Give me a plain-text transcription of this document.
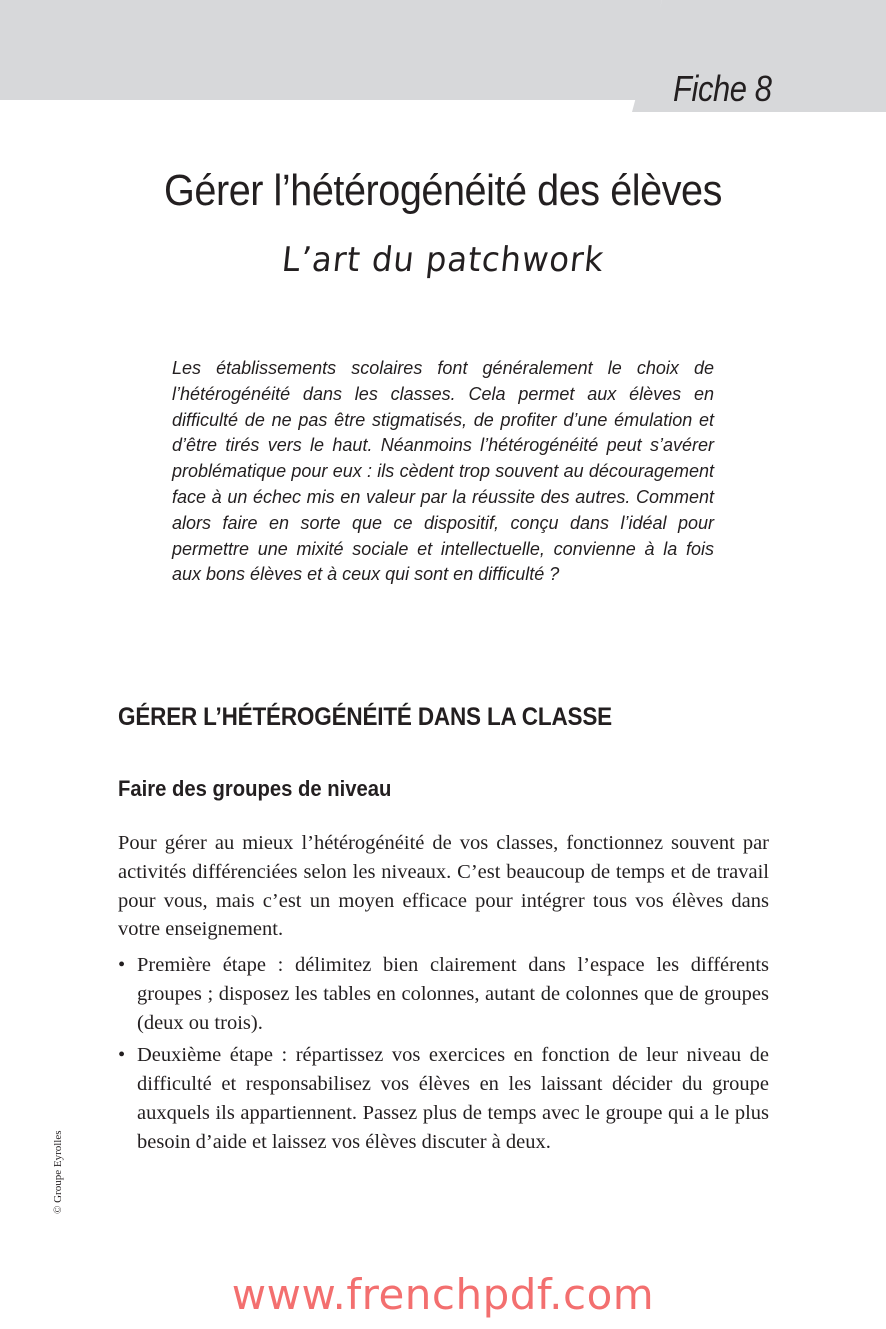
Fiche 8
Gérer l’hétérogénéité des élèves
L’art du patchwork

Les établissements scolaires font généralement le choix de l’hétérogénéité dans les classes. Cela permet aux élèves en difficulté de ne pas être stigmatisés, de profiter d’une émulation et d’être tirés vers le haut. Néanmoins l’hétérogénéité peut s’avérer problématique pour eux : ils cèdent trop souvent au découragement face à un échec mis en valeur par la réussite des autres. Comment alors faire en sorte que ce dispositif, conçu dans l’idéal pour permettre une mixité sociale et intellectuelle, convienne à la fois aux bons élèves et à ceux qui sont en difficulté ?

GÉRER L’HÉTÉROGÉNÉITÉ DANS LA CLASSE
Faire des groupes de niveau

Pour gérer au mieux l’hétérogénéité de vos classes, fonctionnez souvent par activités différenciées selon les niveaux. C’est beaucoup de temps et de travail pour vous, mais c’est un moyen efficace pour intégrer tous vos élèves dans votre enseignement.

• Première étape : délimitez bien clairement dans l’espace les différents groupes ; disposez les tables en colonnes, autant de colonnes que de groupes (deux ou trois).
• Deuxième étape : répartissez vos exercices en fonction de leur niveau de difficulté et responsabilisez vos élèves en les laissant décider du groupe auxquels ils appartiennent. Passez plus de temps avec le groupe qui a le plus besoin d’aide et laissez vos élèves discuter à deux.
© Groupe Eyrolles
www.frenchpdf.com
